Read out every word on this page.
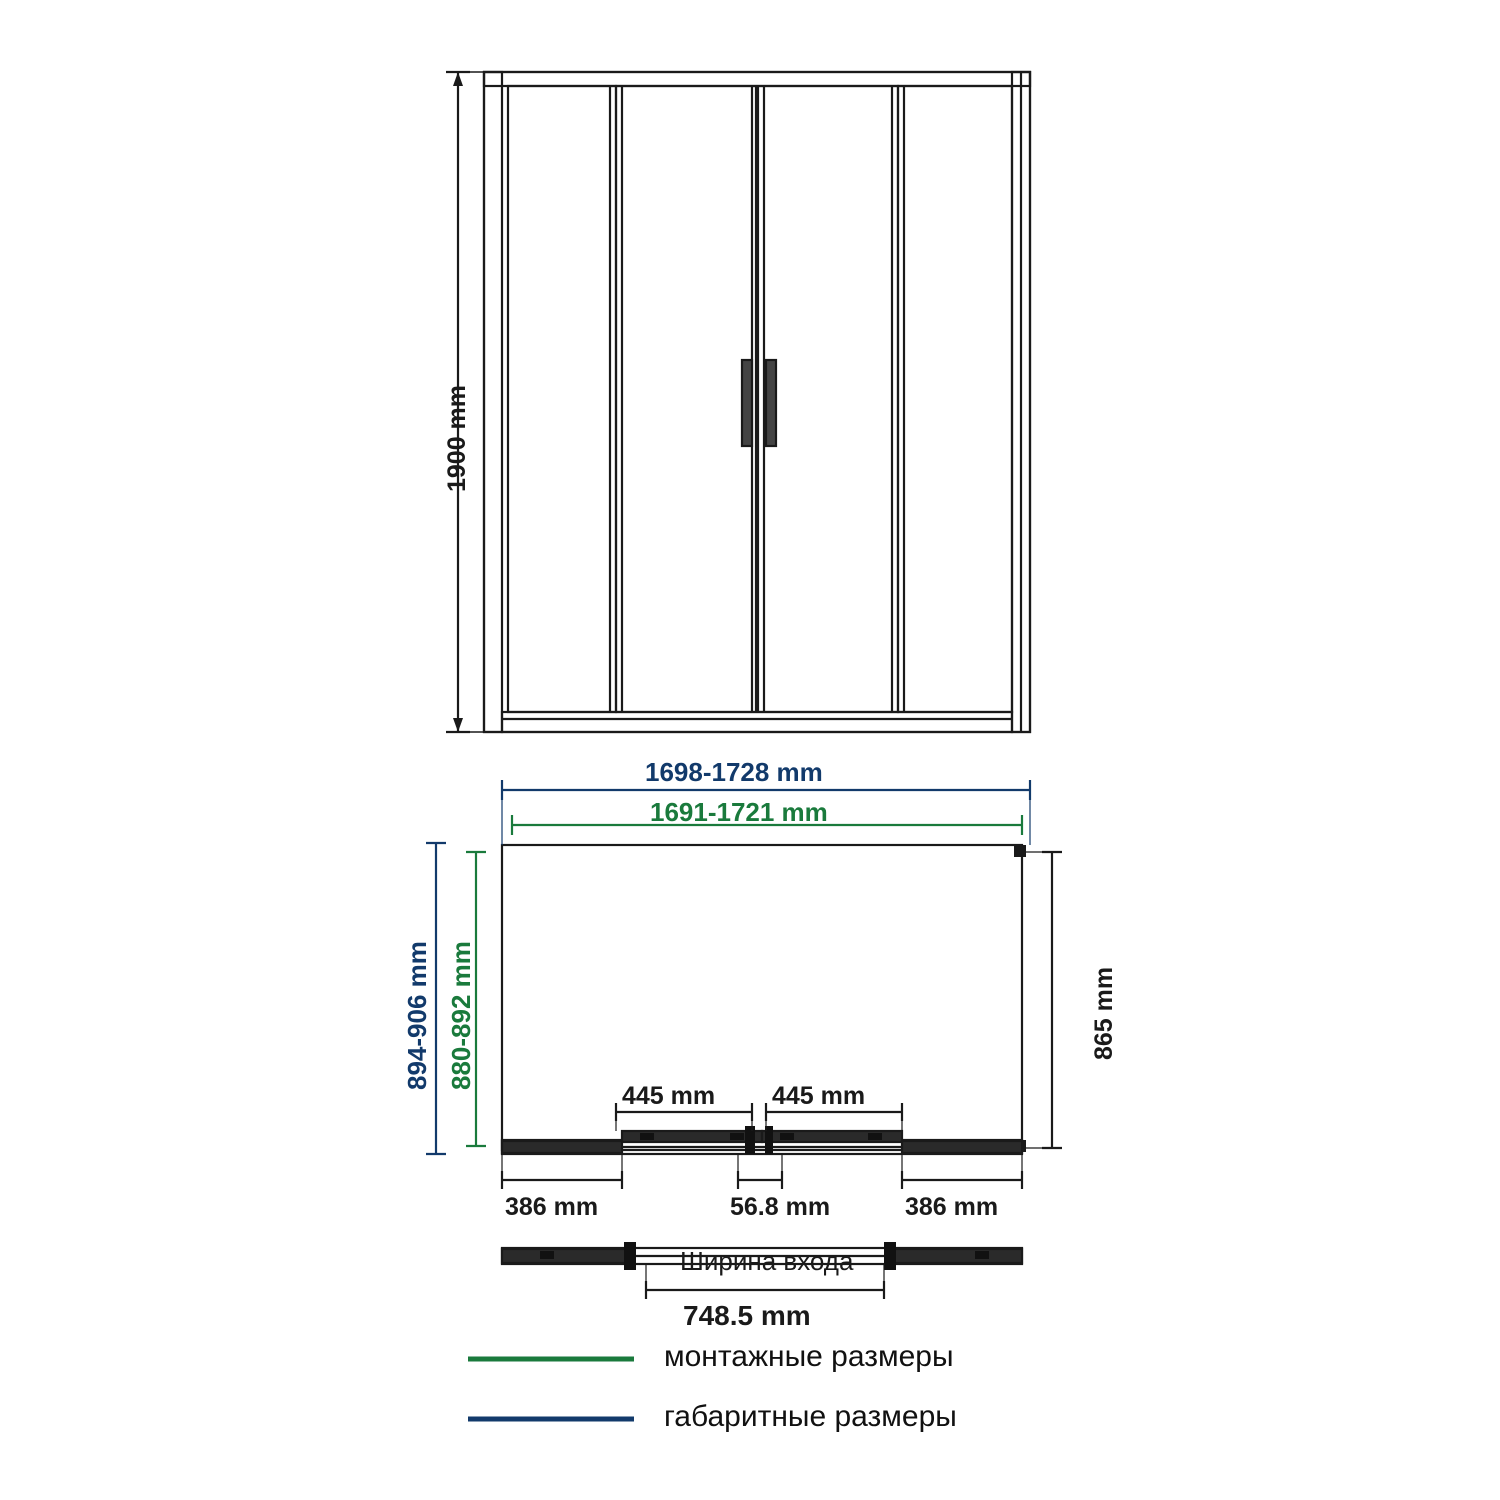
1900 mm
1698-1728 mm
1691-1721 mm
894-906 mm 880-892 mm	865 mm
445 mm 445 mm
386 mm	56.8 mm	386 mm
Ширина входа
748.5 mm
монтажные размеры
габаритные размеры
